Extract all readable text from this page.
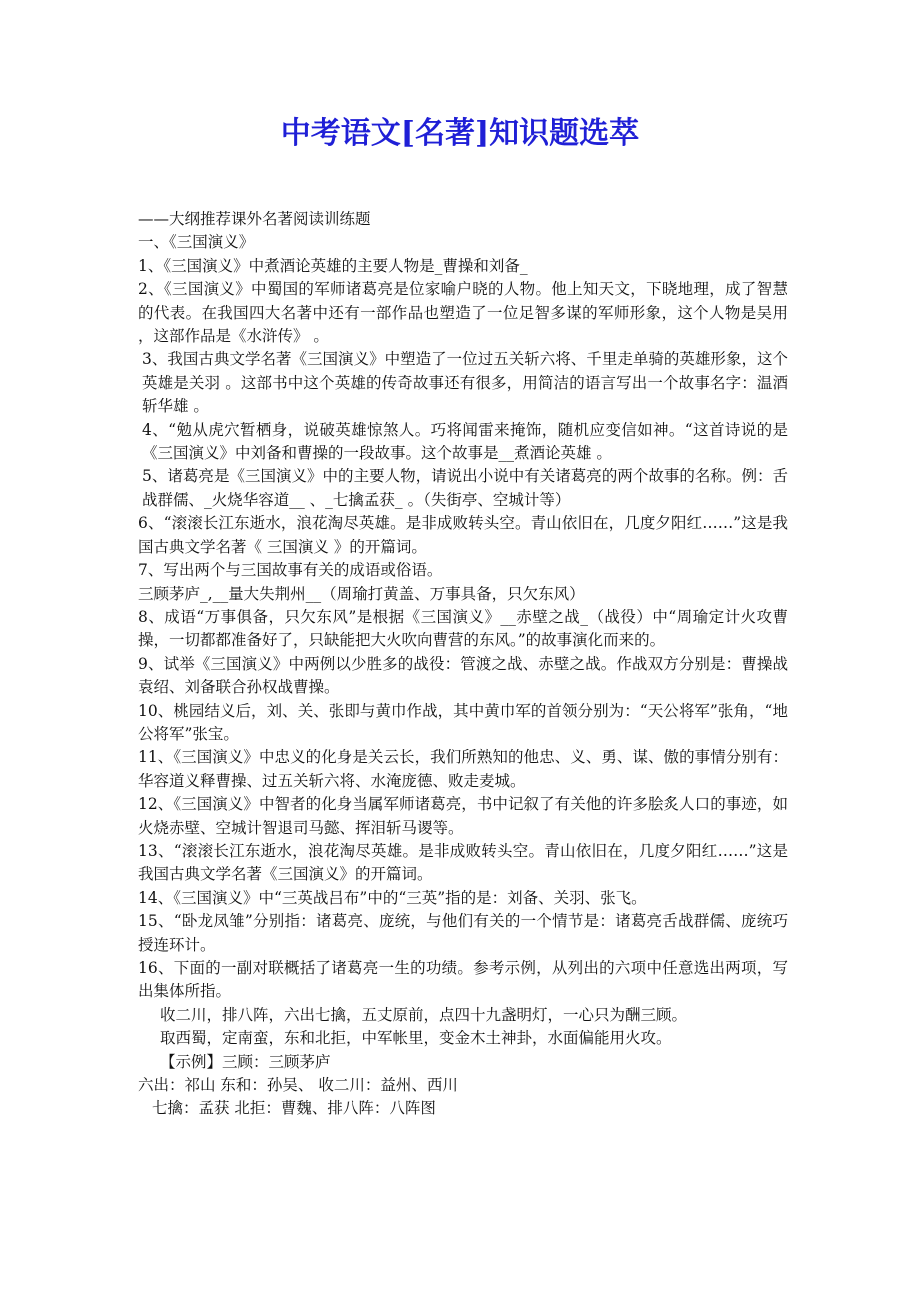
中考语文[名著]知识题选萃

——大纲推荐课外名著阅读训练题

一、《三国演义》

1、《三国演义》中煮酒论英雄的主要人物是_曹操和刘备_

2、《三国演义》中蜀国的军师诸葛亮是位家喻户晓的人物。他上知天文，下晓地理，成了智慧的代表。在我国四大名著中还有一部作品也塑造了一位足智多谋的军师形象，这个人物是吴用 ，这部作品是《水浒传》 。

3、我国古典文学名著《三国演义》中塑造了一位过五关斩六将、千里走单骑的英雄形象，这个英雄是关羽 。这部书中这个英雄的传奇故事还有很多，用简洁的语言写出一个故事名字：温酒斩华雄 。

4、“勉从虎穴暂栖身，说破英雄惊煞人。巧将闻雷来掩饰，随机应变信如神。“这首诗说的是《三国演义》中刘备和曹操的一段故事。这个故事是__煮酒论英雄 。

5、诸葛亮是《三国演义》中的主要人物，请说出小说中有关诸葛亮的两个故事的名称。例：舌战群儒、_火烧华容道__ 、_七擒孟获_ 。（失街亭、空城计等）

6、“滚滚长江东逝水，浪花淘尽英雄。是非成败转头空。青山依旧在，几度夕阳红……”这是我国古典文学名著《 三国演义 》的开篇词。

7、写出两个与三国故事有关的成语或俗语。

三顾茅庐_,__量大失荆州__（周瑜打黄盖、万事具备，只欠东风）

8、成语“万事俱备，只欠东风”是根据《三国演义》__赤壁之战_（战役）中“周瑜定计火攻曹操，一切都都准备好了，只缺能把大火吹向曹营的东风。”的故事演化而来的。

9、试举《三国演义》中两例以少胜多的战役：管渡之战、赤壁之战。作战双方分别是：曹操战袁绍、刘备联合孙权战曹操。

10、桃园结义后，刘、关、张即与黄巾作战，其中黄巾军的首领分别为：“天公将军”张角，“地公将军”张宝。

11、《三国演义》中忠义的化身是关云长，我们所熟知的他忠、义、勇、谋、傲的事情分别有：华容道义释曹操、过五关斩六将、水淹庞德、败走麦城。

12、《三国演义》中智者的化身当属军师诸葛亮，书中记叙了有关他的许多脍炙人口的事迹，如火烧赤壁、空城计智退司马懿、挥泪斩马谡等。

13、“滚滚长江东逝水，浪花淘尽英雄。是非成败转头空。青山依旧在，几度夕阳红……”这是我国古典文学名著《三国演义》的开篇词。

14、《三国演义》中“三英战吕布”中的“三英”指的是：刘备、关羽、张飞。

15、“卧龙凤雏”分别指：诸葛亮、庞统，与他们有关的一个情节是：诸葛亮舌战群儒、庞统巧授连环计。

16、下面的一副对联概括了诸葛亮一生的功绩。参考示例，从列出的六项中任意选出两项，写出集体所指。

收二川，排八阵，六出七擒，五丈原前，点四十九盏明灯，一心只为酬三顾。

取西蜀，定南蛮，东和北拒，中军帐里，变金木土神卦，水面偏能用火攻。

【示例】三顾：三顾茅庐

六出：祁山 东和：孙吴、 收二川：益州、西川

七擒：孟获 北拒：曹魏、排八阵：八阵图
